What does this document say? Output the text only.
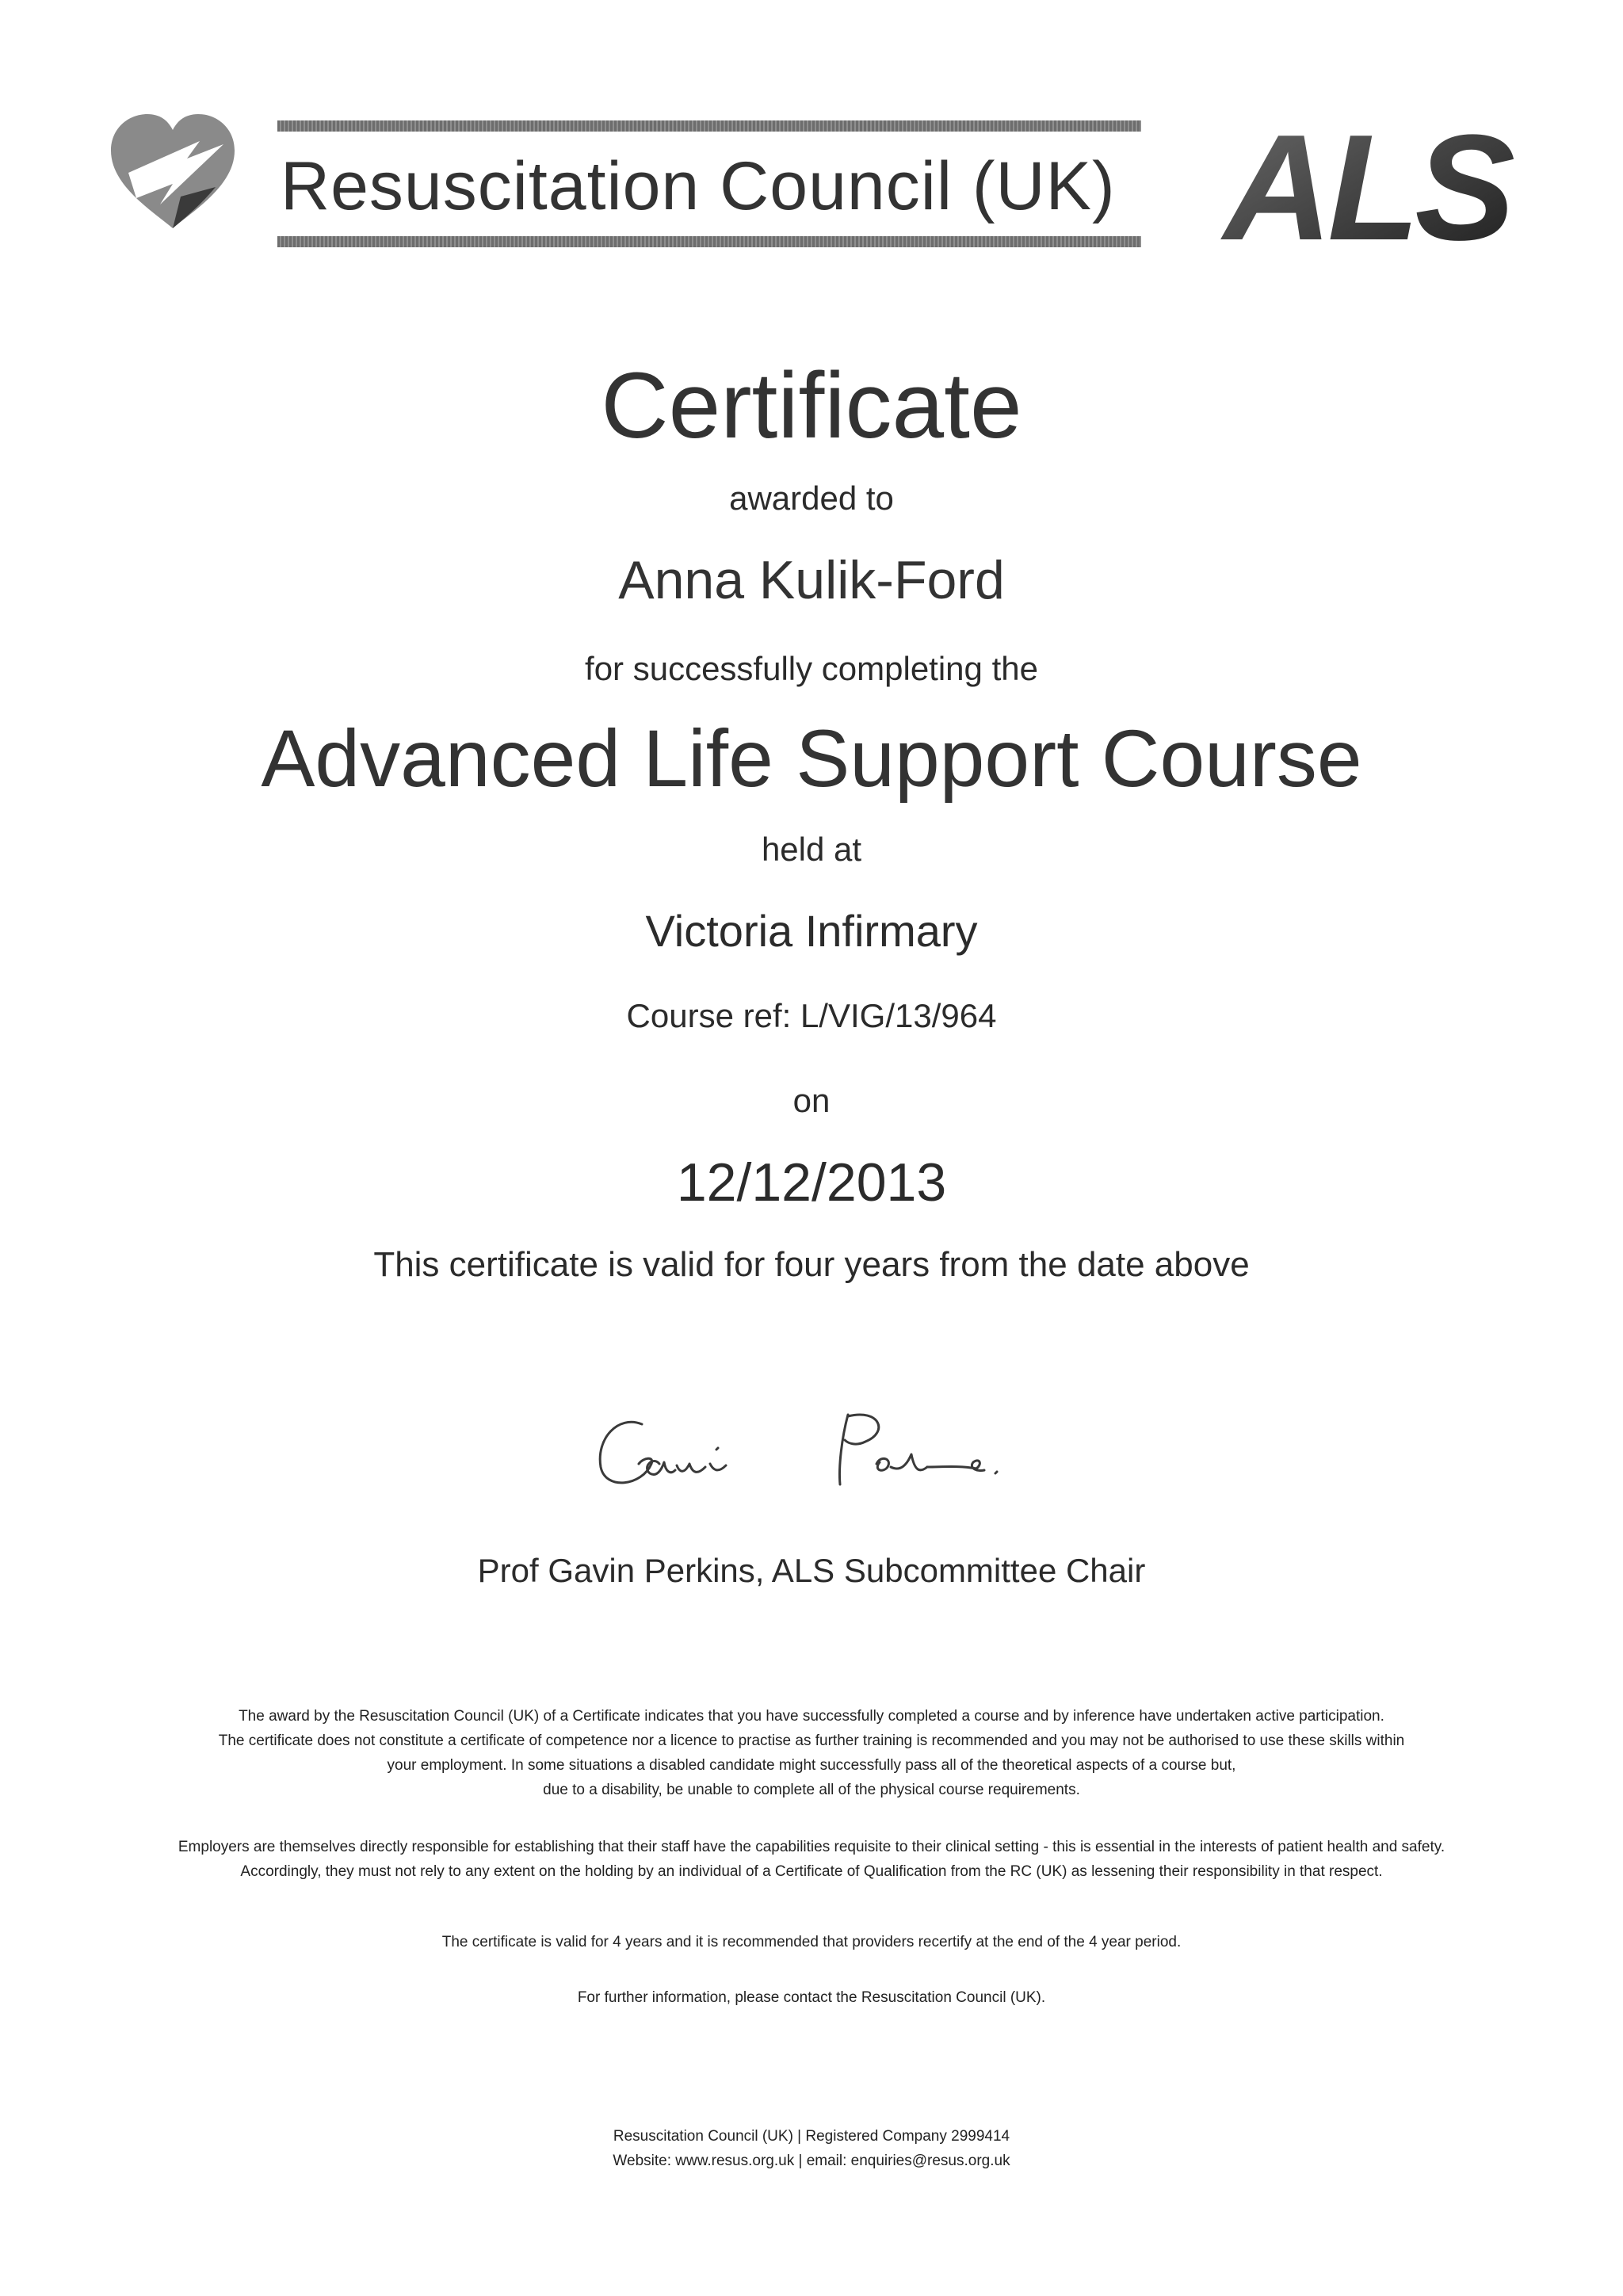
Resuscitation Council (UK) ALS
Certificate
awarded to
Anna Kulik-Ford
for successfully completing the
Advanced Life Support Course
held at
Victoria Infirmary
Course ref: L/VIG/13/964
on
12/12/2013
This certificate is valid for four years from the date above
Prof Gavin Perkins, ALS Subcommittee Chair
The award by the Resuscitation Council (UK) of a Certificate indicates that you have successfully completed a course and by inference have undertaken active participation.
The certificate does not constitute a certificate of competence nor a licence to practise as further training is recommended and you may not be authorised to use these skills within
your employment. In some situations a disabled candidate might successfully pass all of the theoretical aspects of a course but,
due to a disability, be unable to complete all of the physical course requirements.
Employers are themselves directly responsible for establishing that their staff have the capabilities requisite to their clinical setting - this is essential in the interests of patient health and safety.
Accordingly, they must not rely to any extent on the holding by an individual of a Certificate of Qualification from the RC (UK) as lessening their responsibility in that respect.
The certificate is valid for 4 years and it is recommended that providers recertify at the end of the 4 year period.
For further information, please contact the Resuscitation Council (UK).
Resuscitation Council (UK) | Registered Company 2999414
Website: www.resus.org.uk | email: enquiries@resus.org.uk
